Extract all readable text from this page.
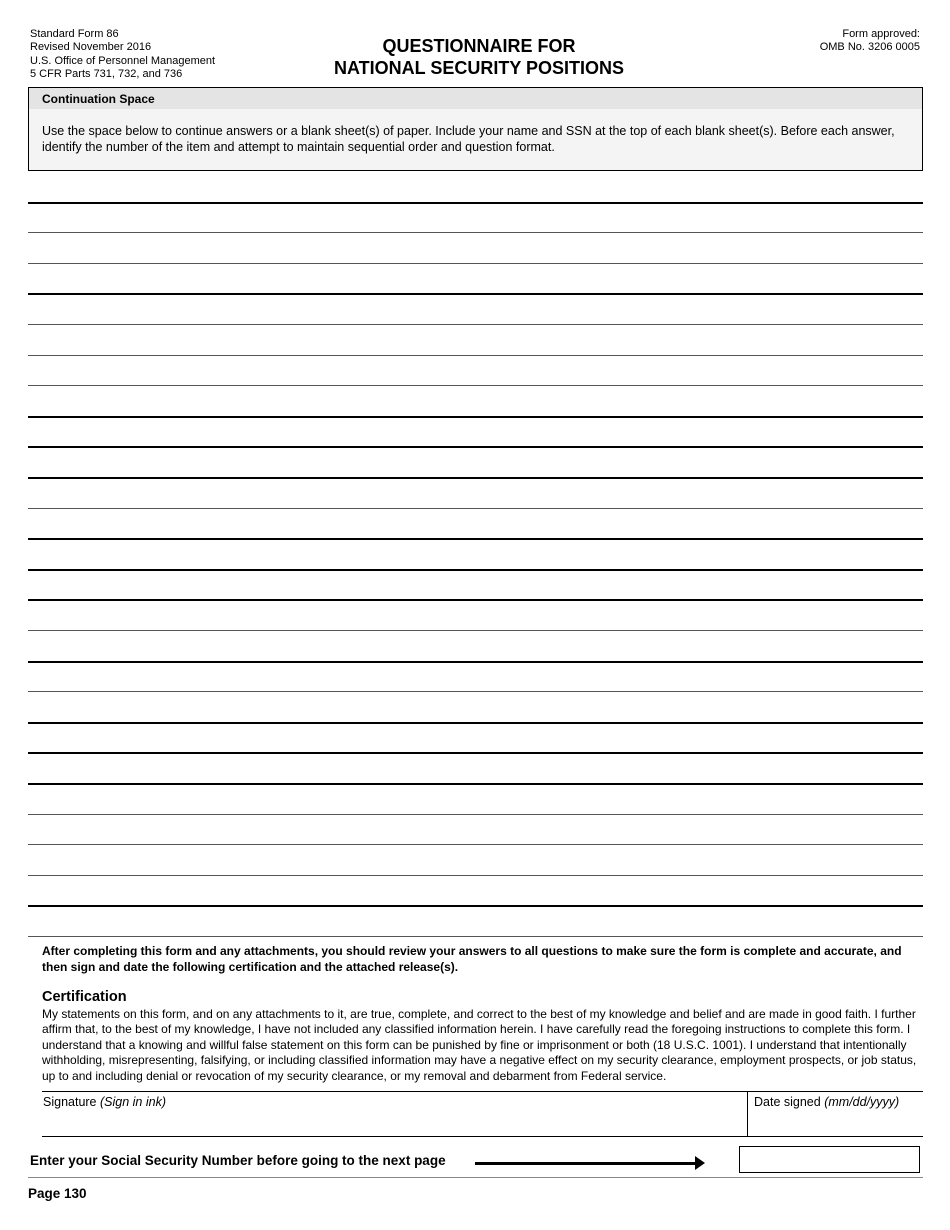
Standard Form 86
Revised November 2016
U.S. Office of Personnel Management
5 CFR Parts 731, 732, and 736
QUESTIONNAIRE FOR
NATIONAL SECURITY POSITIONS
Form approved:
OMB No. 3206 0005
Continuation Space
Use the space below to continue answers or a blank sheet(s) of paper. Include your name and SSN at the top of each blank sheet(s). Before each answer, identify the number of the item and attempt to maintain sequential order and question format.
After completing this form and any attachments, you should review your answers to all questions to make sure the form is complete and accurate, and then sign and date the following certification and the attached release(s).
Certification
My statements on this form, and on any attachments to it, are true, complete, and correct to the best of my knowledge and belief and are made in good faith. I further affirm that, to the best of my knowledge, I have not included any classified information herein. I have carefully read the foregoing instructions to complete this form. I understand that a knowing and willful false statement on this form can be punished by fine or imprisonment or both (18 U.S.C. 1001). I understand that intentionally withholding, misrepresenting, falsifying, or including classified information may have a negative effect on my security clearance, employment prospects, or job status, up to and including denial or revocation of my security clearance, or my removal and debarment from Federal service.
Signature (Sign in ink)	Date signed (mm/dd/yyyy)
Enter your Social Security Number before going to the next page
Page 130
